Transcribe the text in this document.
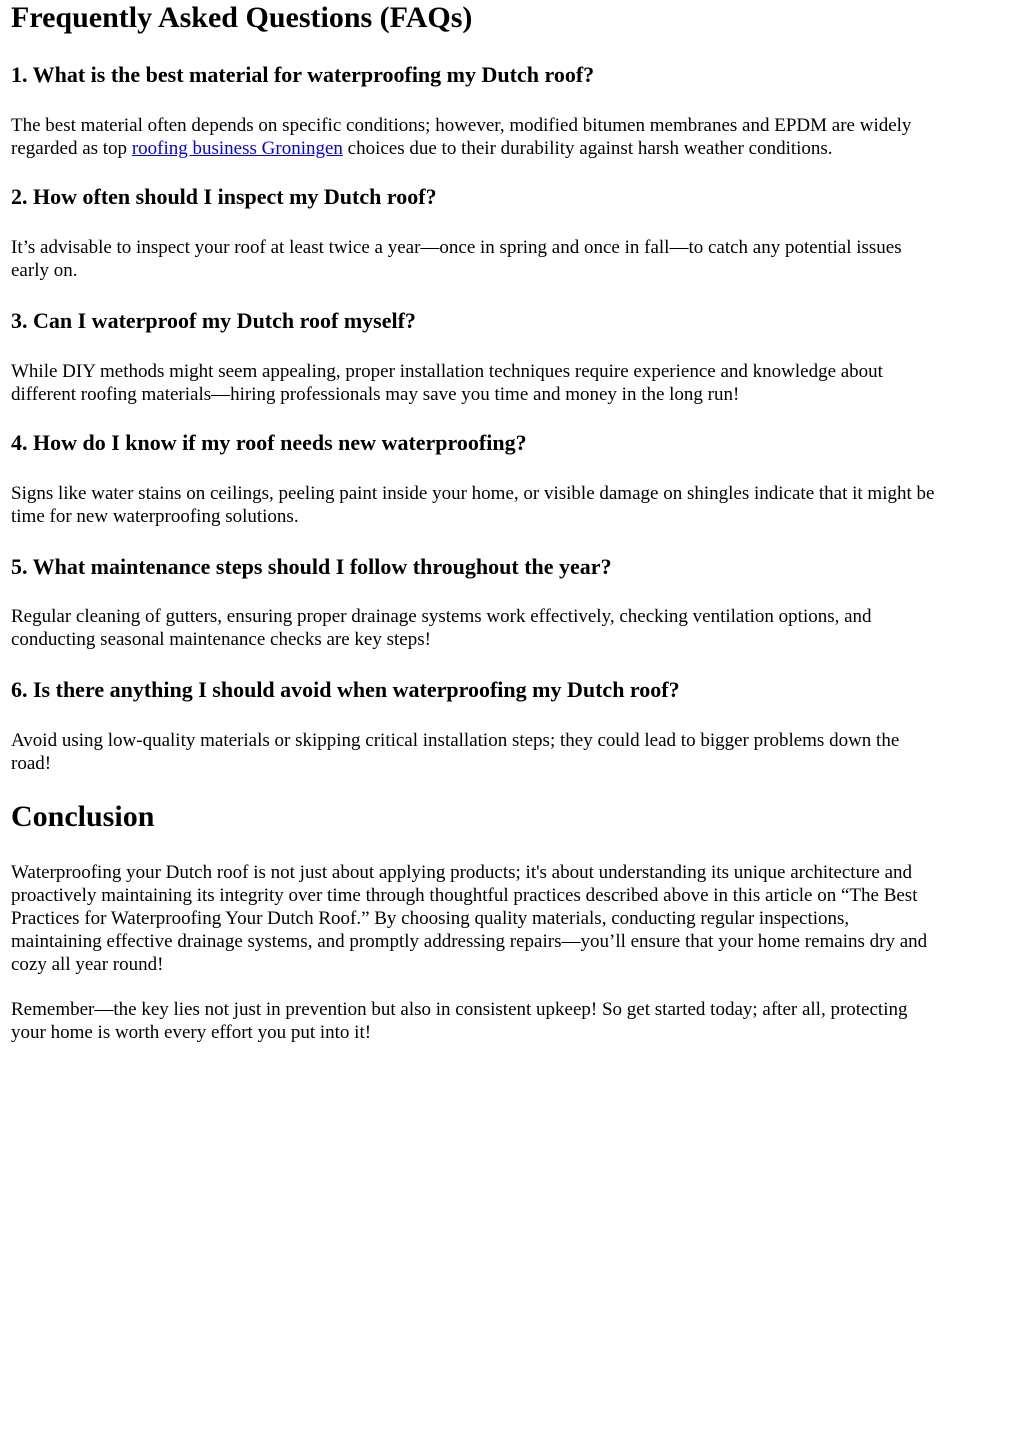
Frequently Asked Questions (FAQs)
1. What is the best material for waterproofing my Dutch roof?

The best material often depends on specific conditions; however, modified bitumen membranes and EPDM are widely
regarded as top roofing business Groningen choices due to their durability against harsh weather conditions.

2. How often should I inspect my Dutch roof?

It’s advisable to inspect your roof at least twice a year—once in spring and once in fall—to catch any potential issues
early on.

3. Can I waterproof my Dutch roof myself?

While DIY methods might seem appealing, proper installation techniques require experience and knowledge about
different roofing materials—hiring professionals may save you time and money in the long run!

4. How do I know if my roof needs new waterproofing?

Signs like water stains on ceilings, peeling paint inside your home, or visible damage on shingles indicate that it might be
time for new waterproofing solutions.

5. What maintenance steps should I follow throughout the year?

Regular cleaning of gutters, ensuring proper drainage systems work effectively, checking ventilation options, and
conducting seasonal maintenance checks are key steps!

6. Is there anything I should avoid when waterproofing my Dutch roof?

Avoid using low-quality materials or skipping critical installation steps; they could lead to bigger problems down the
road!

Conclusion

Waterproofing your Dutch roof is not just about applying products; it's about understanding its unique architecture and
proactively maintaining its integrity over time through thoughtful practices described above in this article on “The Best
Practices for Waterproofing Your Dutch Roof.” By choosing quality materials, conducting regular inspections,
maintaining effective drainage systems, and promptly addressing repairs—you’ll ensure that your home remains dry and
cozy all year round!

Remember—the key lies not just in prevention but also in consistent upkeep! So get started today; after all, protecting
your home is worth every effort you put into it!
